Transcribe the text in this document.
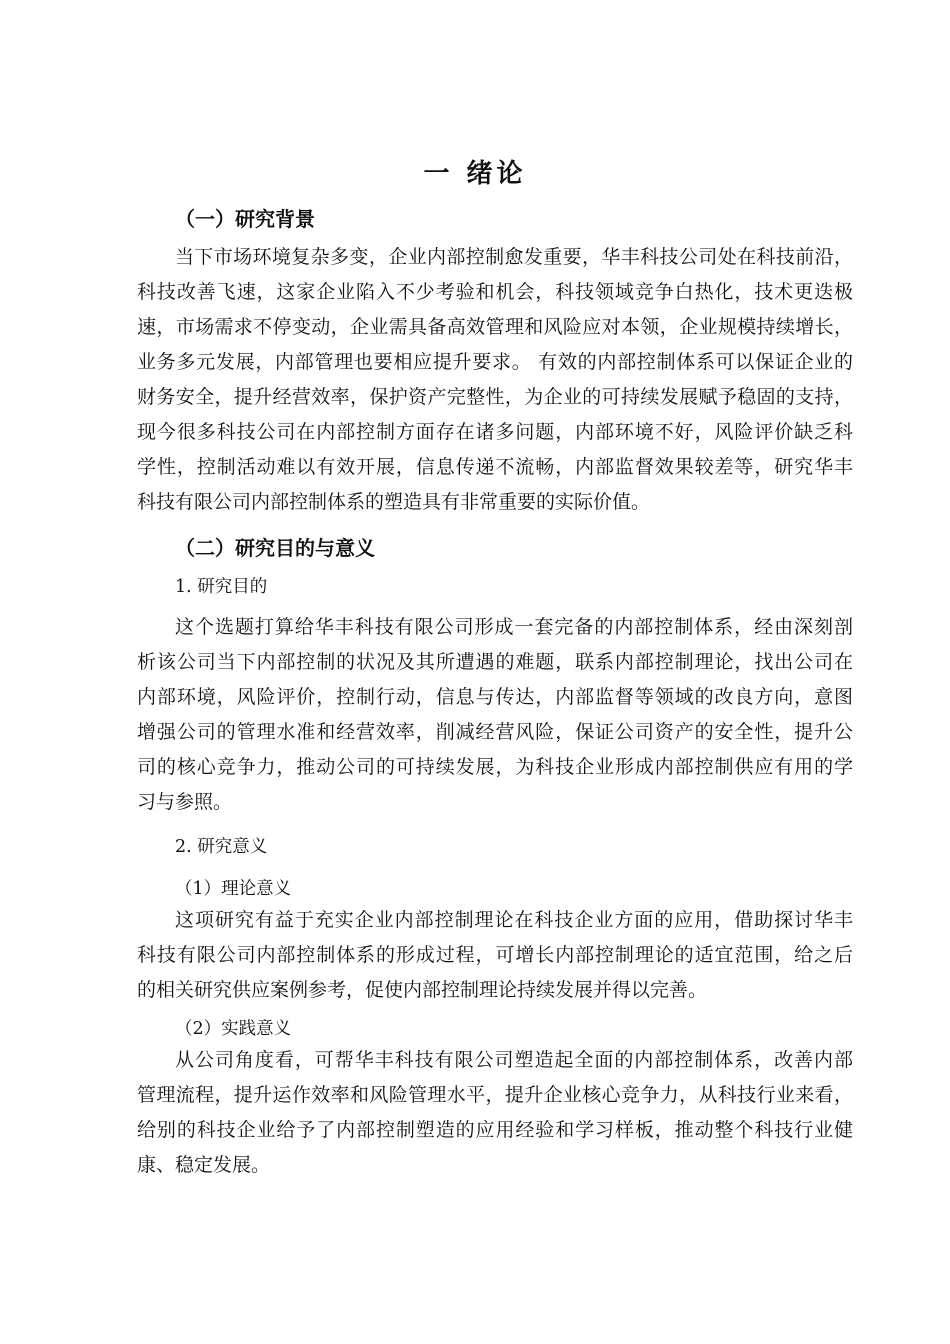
一 绪论
（一）研究背景
当下市场环境复杂多变，企业内部控制愈发重要，华丰科技公司处在科技前沿，
科技改善飞速，这家企业陷入不少考验和机会，科技领域竞争白热化，技术更迭极
速，市场需求不停变动，企业需具备高效管理和风险应对本领，企业规模持续增长，
业务多元发展，内部管理也要相应提升要求。 有效的内部控制体系可以保证企业的
财务安全，提升经营效率，保护资产完整性，为企业的可持续发展赋予稳固的支持，
现今很多科技公司在内部控制方面存在诸多问题，内部环境不好，风险评价缺乏科
学性，控制活动难以有效开展，信息传递不流畅，内部监督效果较差等，研究华丰
科技有限公司内部控制体系的塑造具有非常重要的实际价值。
（二）研究目的与意义
1. 研究目的
这个选题打算给华丰科技有限公司形成一套完备的内部控制体系，经由深刻剖
析该公司当下内部控制的状况及其所遭遇的难题，联系内部控制理论，找出公司在
内部环境，风险评价，控制行动，信息与传达，内部监督等领域的改良方向，意图
增强公司的管理水准和经营效率，削减经营风险，保证公司资产的安全性，提升公
司的核心竞争力，推动公司的可持续发展，为科技企业形成内部控制供应有用的学
习与参照。
2. 研究意义
（1）理论意义
这项研究有益于充实企业内部控制理论在科技企业方面的应用，借助探讨华丰
科技有限公司内部控制体系的形成过程，可增长内部控制理论的适宜范围，给之后
的相关研究供应案例参考，促使内部控制理论持续发展并得以完善。
（2）实践意义
从公司角度看，可帮华丰科技有限公司塑造起全面的内部控制体系，改善内部
管理流程，提升运作效率和风险管理水平，提升企业核心竞争力，从科技行业来看，
给别的科技企业给予了内部控制塑造的应用经验和学习样板，推动整个科技行业健
康、稳定发展。
